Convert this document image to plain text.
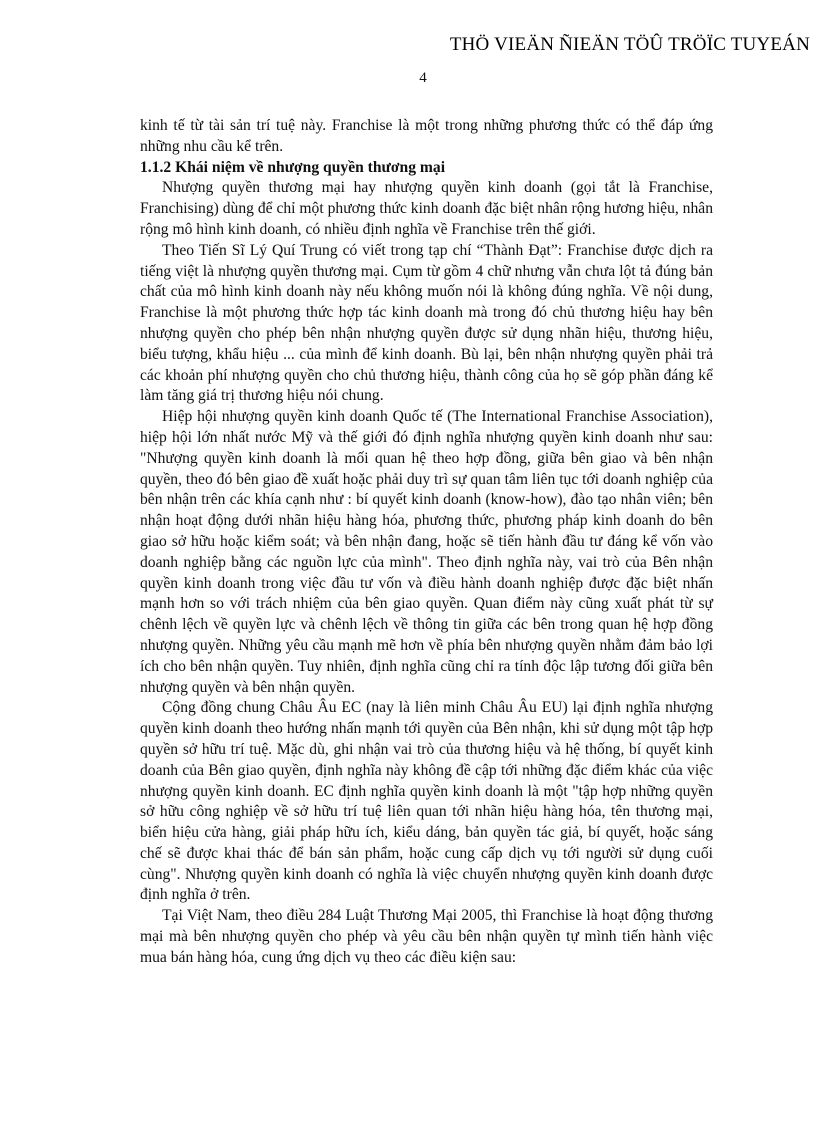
THÖ VIEÄN ÑIEÄN TÖÛ TRÖÏC TUYEÁN
4

kinh tế từ tài sản trí tuệ này. Franchise là một trong những phương thức có thể đáp ứng những nhu cầu kể trên.

1.1.2 Khái niệm về nhượng quyền thương mại

Nhượng quyền thương mại hay nhượng quyền kinh doanh (gọi tắt là Franchise, Franchising) dùng để chỉ một phương thức kinh doanh đặc biệt nhân rộng hương hiệu, nhân rộng mô hình kinh doanh, có nhiều định nghĩa về Franchise trên thế giới.

Theo Tiến Sĩ Lý Quí Trung có viết trong tạp chí “Thành Đạt”: Franchise được dịch ra tiếng việt là nhượng quyền thương mại. Cụm từ gồm 4 chữ nhưng vẫn chưa lột tả đúng bản chất của mô hình kinh doanh này nếu không muốn nói là không đúng nghĩa. Về nội dung, Franchise là một phương thức hợp tác kinh doanh mà trong đó chủ thương hiệu hay bên nhượng quyền cho phép bên nhận nhượng quyền được sử dụng nhãn hiệu, thương hiệu, biểu tượng, khẩu hiệu ... của mình để kinh doanh. Bù lại, bên nhận nhượng quyền phải trả các khoản phí nhượng quyền cho chủ thương hiệu, thành công của họ sẽ góp phần đáng kể làm tăng giá trị thương hiệu nói chung.

Hiệp hội nhượng quyền kinh doanh Quốc tế (The International Franchise Association), hiệp hội lớn nhất nước Mỹ và thế giới đó định nghĩa nhượng quyền kinh doanh như sau: "Nhượng quyền kinh doanh là mối quan hệ theo hợp đồng, giữa bên giao và bên nhận quyền, theo đó bên giao đề xuất hoặc phải duy trì sự quan tâm liên tục tới doanh nghiệp của bên nhận trên các khía cạnh như : bí quyết kinh doanh (know-how), đào tạo nhân viên; bên nhận hoạt động dưới nhãn hiệu hàng hóa, phương thức, phương pháp kinh doanh do bên giao sở hữu hoặc kiểm soát; và bên nhận đang, hoặc sẽ tiến hành đầu tư đáng kể vốn vào doanh nghiệp bằng các nguồn lực của mình". Theo định nghĩa này, vai trò của Bên nhận quyền kinh doanh trong việc đầu tư vốn và điều hành doanh nghiệp được đặc biệt nhấn mạnh hơn so với trách nhiệm của bên giao quyền. Quan điểm này cũng xuất phát từ sự chênh lệch về quyền lực và chênh lệch về thông tin giữa các bên trong quan hệ hợp đồng nhượng quyền. Những yêu cầu mạnh mẽ hơn về phía bên nhượng quyền nhằm đảm bảo lợi ích cho bên nhận quyền. Tuy nhiên, định nghĩa cũng chỉ ra tính độc lập tương đối giữa bên nhượng quyền và bên nhận quyền.

Cộng đồng chung Châu Âu EC (nay là liên minh Châu Âu EU) lại định nghĩa nhượng quyền kinh doanh theo hướng nhấn mạnh tới quyền của Bên nhận, khi sử dụng một tập hợp quyền sở hữu trí tuệ. Mặc dù, ghi nhận vai trò của thương hiệu và hệ thống, bí quyết kinh doanh của Bên giao quyền, định nghĩa này không đề cập tới những đặc điểm khác của việc nhượng quyền kinh doanh. EC định nghĩa quyền kinh doanh là một "tập hợp những quyền sở hữu công nghiệp về sở hữu trí tuệ liên quan tới nhãn hiệu hàng hóa, tên thương mại, biển hiệu cửa hàng, giải pháp hữu ích, kiểu dáng, bản quyền tác giả, bí quyết, hoặc sáng chế sẽ được khai thác để bán sản phẩm, hoặc cung cấp dịch vụ tới người sử dụng cuối cùng". Nhượng quyền kinh doanh có nghĩa là việc chuyển nhượng quyền kinh doanh được định nghĩa ở trên.

Tại Việt Nam, theo điều 284 Luật Thương Mại 2005, thì Franchise là hoạt động thương mại mà bên nhượng quyền cho phép và yêu cầu bên nhận quyền tự mình tiến hành việc mua bán hàng hóa, cung ứng dịch vụ theo các điều kiện sau:
